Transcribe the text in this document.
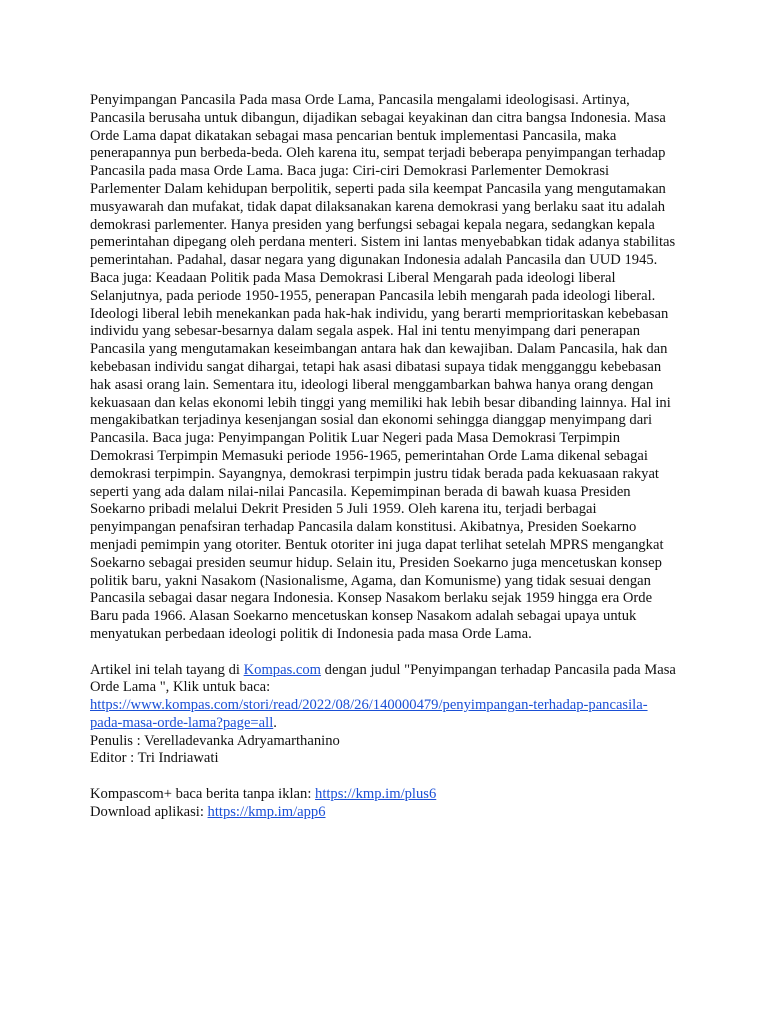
Penyimpangan Pancasila Pada masa Orde Lama, Pancasila mengalami ideologisasi. Artinya, Pancasila berusaha untuk dibangun, dijadikan sebagai keyakinan dan citra bangsa Indonesia. Masa Orde Lama dapat dikatakan sebagai masa pencarian bentuk implementasi Pancasila, maka penerapannya pun berbeda-beda. Oleh karena itu, sempat terjadi beberapa penyimpangan terhadap Pancasila pada masa Orde Lama. Baca juga: Ciri-ciri Demokrasi Parlementer Demokrasi Parlementer Dalam kehidupan berpolitik, seperti pada sila keempat Pancasila yang mengutamakan musyawarah dan mufakat, tidak dapat dilaksanakan karena demokrasi yang berlaku saat itu adalah demokrasi parlementer. Hanya presiden yang berfungsi sebagai kepala negara, sedangkan kepala pemerintahan dipegang oleh perdana menteri. Sistem ini lantas menyebabkan tidak adanya stabilitas pemerintahan. Padahal, dasar negara yang digunakan Indonesia adalah Pancasila dan UUD 1945. Baca juga: Keadaan Politik pada Masa Demokrasi Liberal Mengarah pada ideologi liberal Selanjutnya, pada periode 1950-1955, penerapan Pancasila lebih mengarah pada ideologi liberal. Ideologi liberal lebih menekankan pada hak-hak individu, yang berarti memprioritaskan kebebasan individu yang sebesar-besarnya dalam segala aspek. Hal ini tentu menyimpang dari penerapan Pancasila yang mengutamakan keseimbangan antara hak dan kewajiban. Dalam Pancasila, hak dan kebebasan individu sangat dihargai, tetapi hak asasi dibatasi supaya tidak mengganggu kebebasan hak asasi orang lain. Sementara itu, ideologi liberal menggambarkan bahwa hanya orang dengan kekuasaan dan kelas ekonomi lebih tinggi yang memiliki hak lebih besar dibanding lainnya. Hal ini mengakibatkan terjadinya kesenjangan sosial dan ekonomi sehingga dianggap menyimpang dari Pancasila. Baca juga: Penyimpangan Politik Luar Negeri pada Masa Demokrasi Terpimpin Demokrasi Terpimpin Memasuki periode 1956-1965, pemerintahan Orde Lama dikenal sebagai demokrasi terpimpin. Sayangnya, demokrasi terpimpin justru tidak berada pada kekuasaan rakyat seperti yang ada dalam nilai-nilai Pancasila. Kepemimpinan berada di bawah kuasa Presiden Soekarno pribadi melalui Dekrit Presiden 5 Juli 1959. Oleh karena itu, terjadi berbagai penyimpangan penafsiran terhadap Pancasila dalam konstitusi. Akibatnya, Presiden Soekarno menjadi pemimpin yang otoriter. Bentuk otoriter ini juga dapat terlihat setelah MPRS mengangkat Soekarno sebagai presiden seumur hidup. Selain itu, Presiden Soekarno juga mencetuskan konsep politik baru, yakni Nasakom (Nasionalisme, Agama, dan Komunisme) yang tidak sesuai dengan Pancasila sebagai dasar negara Indonesia. Konsep Nasakom berlaku sejak 1959 hingga era Orde Baru pada 1966. Alasan Soekarno mencetuskan konsep Nasakom adalah sebagai upaya untuk menyatukan perbedaan ideologi politik di Indonesia pada masa Orde Lama.

Artikel ini telah tayang di Kompas.com dengan judul "Penyimpangan terhadap Pancasila pada Masa Orde Lama ", Klik untuk baca:
https://www.kompas.com/stori/read/2022/08/26/140000479/penyimpangan-terhadap-pancasila-
pada-masa-orde-lama?page=all.
Penulis : Verelladevanka Adryamarthanino
Editor : Tri Indriawati
Kompascom+ baca berita tanpa iklan: https://kmp.im/plus6
Download aplikasi: https://kmp.im/app6
